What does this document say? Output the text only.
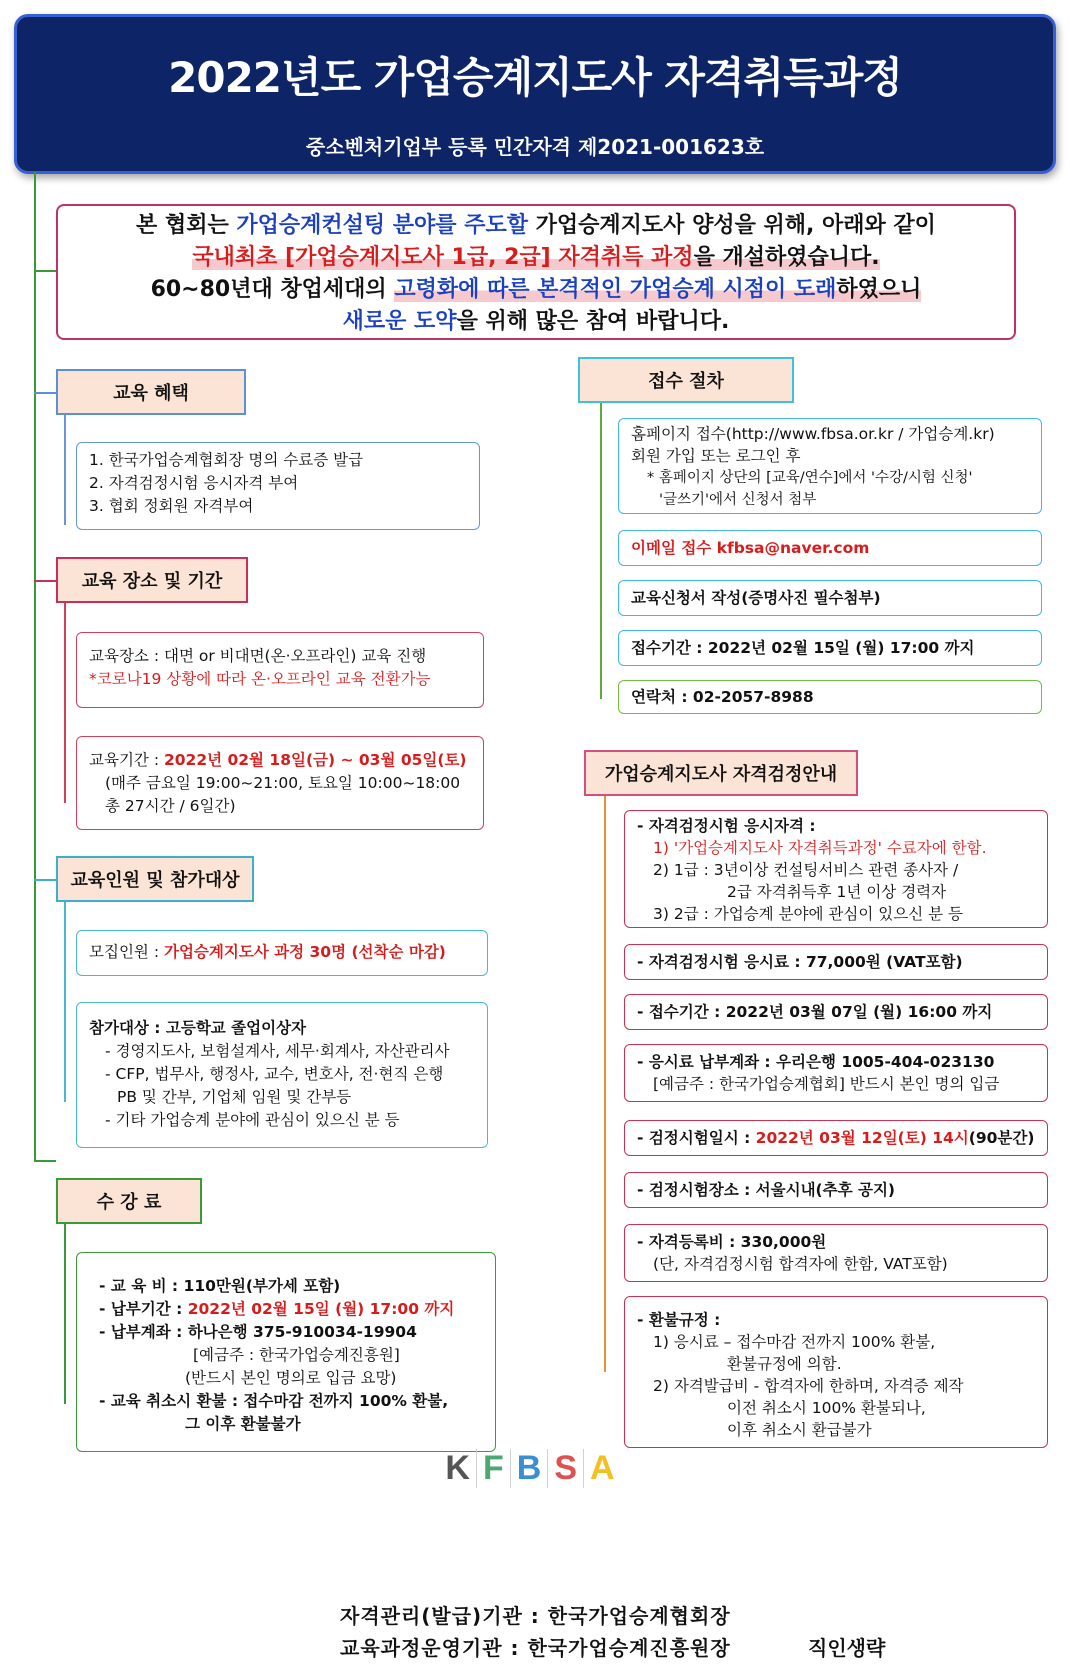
2022년도 가업승계지도사 자격취득과정
중소벤처기업부 등록 민간자격 제2021-001623호
본 협회는 가업승계컨설팅 분야를 주도할 가업승계지도사 양성을 위해, 아래와 같이
국내최초 [가업승계지도사 1급, 2급] 자격취득 과정을 개설하였습니다.
60~80년대 창업세대의 고령화에 따른 본격적인 가업승계 시점이 도래하였으니
새로운 도약을 위해 많은 참여 바랍니다.
교육 혜택
1. 한국가업승계협회장 명의 수료증 발급
2. 자격검정시험 응시자격 부여
3. 협회 정회원 자격부여
교육 장소 및 기간
교육장소 : 대면 or 비대면(온·오프라인) 교육 진행
*코로나19 상황에 따라 온·오프라인 교육 전환가능
교육기간 : 2022년 02월 18일(금) ~ 03월 05일(토)
(매주 금요일 19:00~21:00, 토요일 10:00~18:00
총 27시간 / 6일간)
교육인원 및 참가대상
모집인원 : 가업승계지도사 과정 30명 (선착순 마감)
참가대상 : 고등학교 졸업이상자
- 경영지도사, 보험설계사, 세무·회계사, 자산관리사
- CFP, 법무사, 행정사, 교수, 변호사, 전·현직 은행
PB 및 간부, 기업체 임원 및 간부등
- 기타 가업승계 분야에 관심이 있으신 분 등
수 강 료
- 교 육 비 : 110만원(부가세 포함)
- 납부기간 : 2022년 02월 15일 (월) 17:00 까지
- 납부계좌 : 하나은행 375-910034-19904
[예금주 : 한국가업승계진흥원]
(반드시 본인 명의로 입금 요망)
- 교육 취소시 환불 : 접수마감 전까지 100% 환불,
그 이후 환불불가
접수 절차
홈페이지 접수(http://www.fbsa.or.kr / 가업승계.kr)
회원 가입 또는 로그인 후
* 홈페이지 상단의 [교육/연수]에서 '수강/시험 신청'
'글쓰기'에서 신청서 첨부
이메일 접수 kfbsa@naver.com
교육신청서 작성(증명사진 필수첨부)
접수기간 : 2022년 02월 15일 (월) 17:00 까지
연락처 : 02-2057-8988
가업승계지도사 자격검정안내
- 자격검정시험 응시자격 :
1) '가업승계지도사 자격취득과정' 수료자에 한함.
2) 1급 : 3년이상 컨설팅서비스 관련 종사자 /
2급 자격취득후 1년 이상 경력자
3) 2급 : 가업승계 분야에 관심이 있으신 분 등
- 자격검정시험 응시료 : 77,000원 (VAT포함)
- 접수기간 : 2022년 03월 07일 (월) 16:00 까지
- 응시료 납부계좌 : 우리은행 1005-404-023130
[예금주 : 한국가업승계협회] 반드시 본인 명의 입금
- 검정시험일시 : 2022년 03월 12일(토) 14시(90분간)
- 검정시험장소 : 서울시내(추후 공지)
- 자격등록비 : 330,000원
(단, 자격검정시험 합격자에 한함, VAT포함)
- 환불규정 :
1) 응시료 – 접수마감 전까지 100% 환불,
환불규정에 의함.
2) 자격발급비 - 합격자에 한하며, 자격증 제작
이전 취소시 100% 환불되나,
이후 취소시 환급불가
K F B S A
자격관리(발급)기관 : 한국가업승계협회장
교육과정운영기관 : 한국가업승계진흥원장	직인생략
